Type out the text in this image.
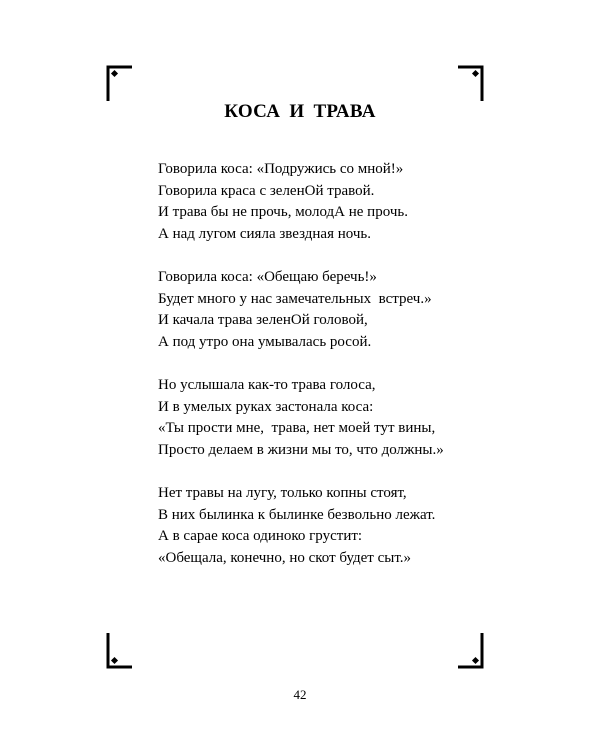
КОСА И ТРАВА
Говорила коса: «Подружись со мной!»
Говорила краса с зеленОй травой.
И трава бы не прочь, молодА не прочь.
А над лугом сияла звездная ночь.
Говорила коса: «Обещаю беречь!»
Будет много у нас замечательных  встреч.»
И качала трава зеленОй головой,
А под утро она умывалась росой.
Но услышала как-то трава голоса,
И в умелых руках застонала коса:
«Ты прости мне,  трава, нет моей тут вины,
Просто делаем в жизни мы то, что должны.»
Нет травы на лугу, только копны стоят,
В них былинка к былинке безвольно лежат.
А в сарае коса одиноко грустит:
«Обещала, конечно, но скот будет сыт.»
42
